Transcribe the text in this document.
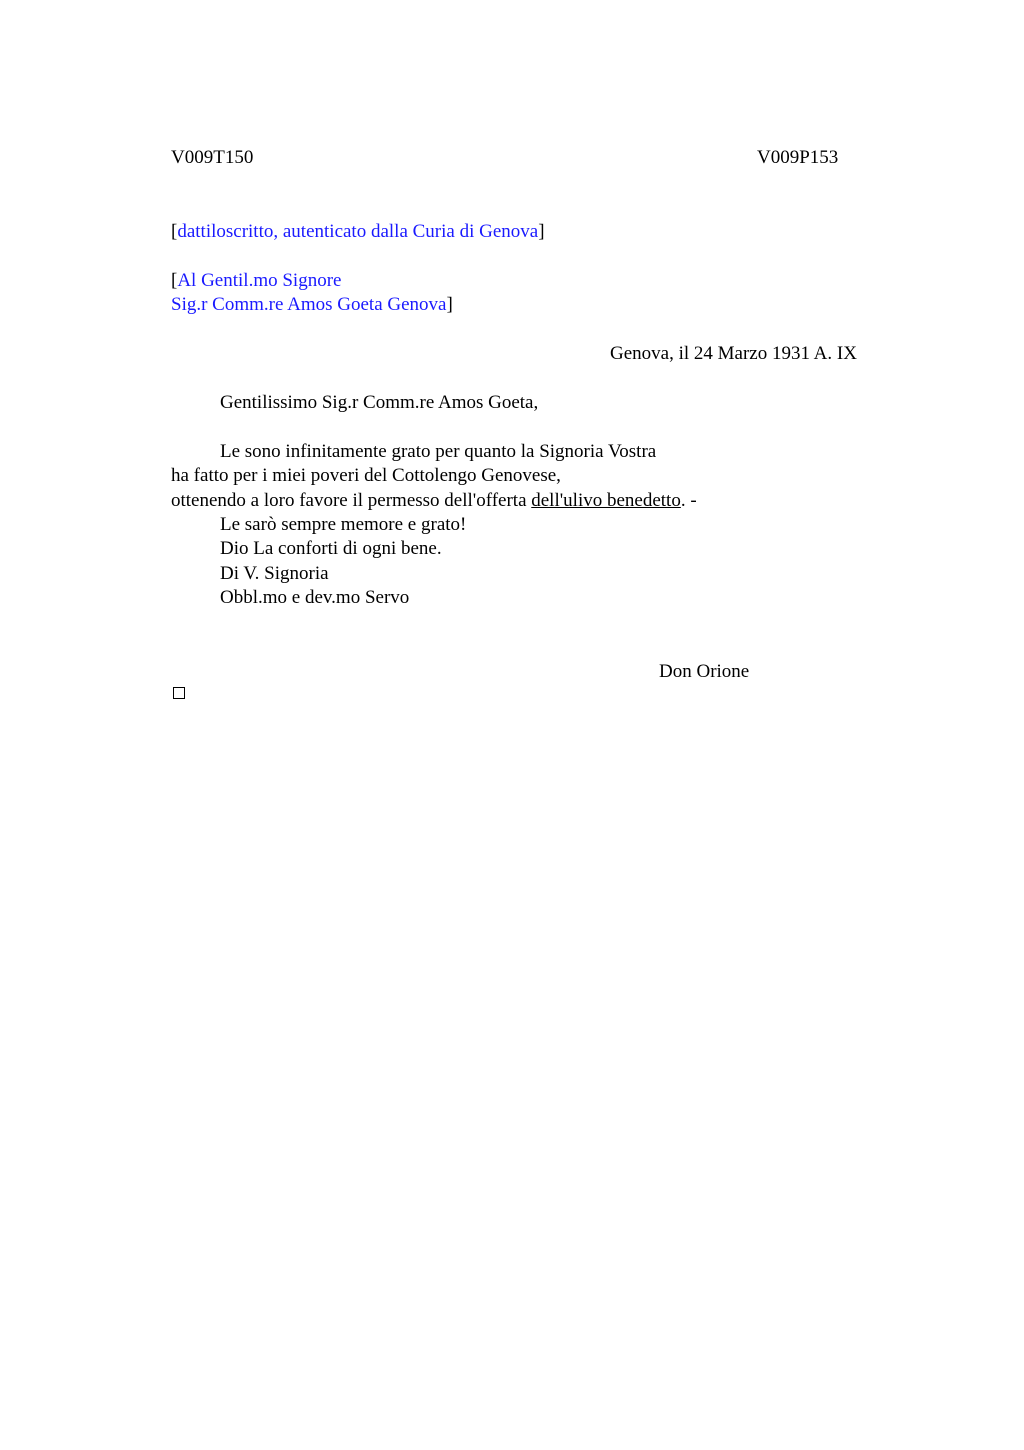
V009T150	V009P153
[dattiloscritto, autenticato dalla Curia di Genova]
[Al Gentil.mo Signore
Sig.r Comm.re Amos Goeta Genova]
Genova, il 24 Marzo 1931 A. IX
Gentilissimo Sig.r Comm.re Amos Goeta,
Le sono infinitamente grato per quanto la Signoria Vostra
ha fatto per i miei poveri del Cottolengo Genovese,
ottenendo a loro favore il permesso dell'offerta dell'ulivo benedetto. -
Le sarò sempre memore e grato!
Dio La conforti di ogni bene.
Di V. Signoria
Obbl.mo e dev.mo Servo
Don Orione
